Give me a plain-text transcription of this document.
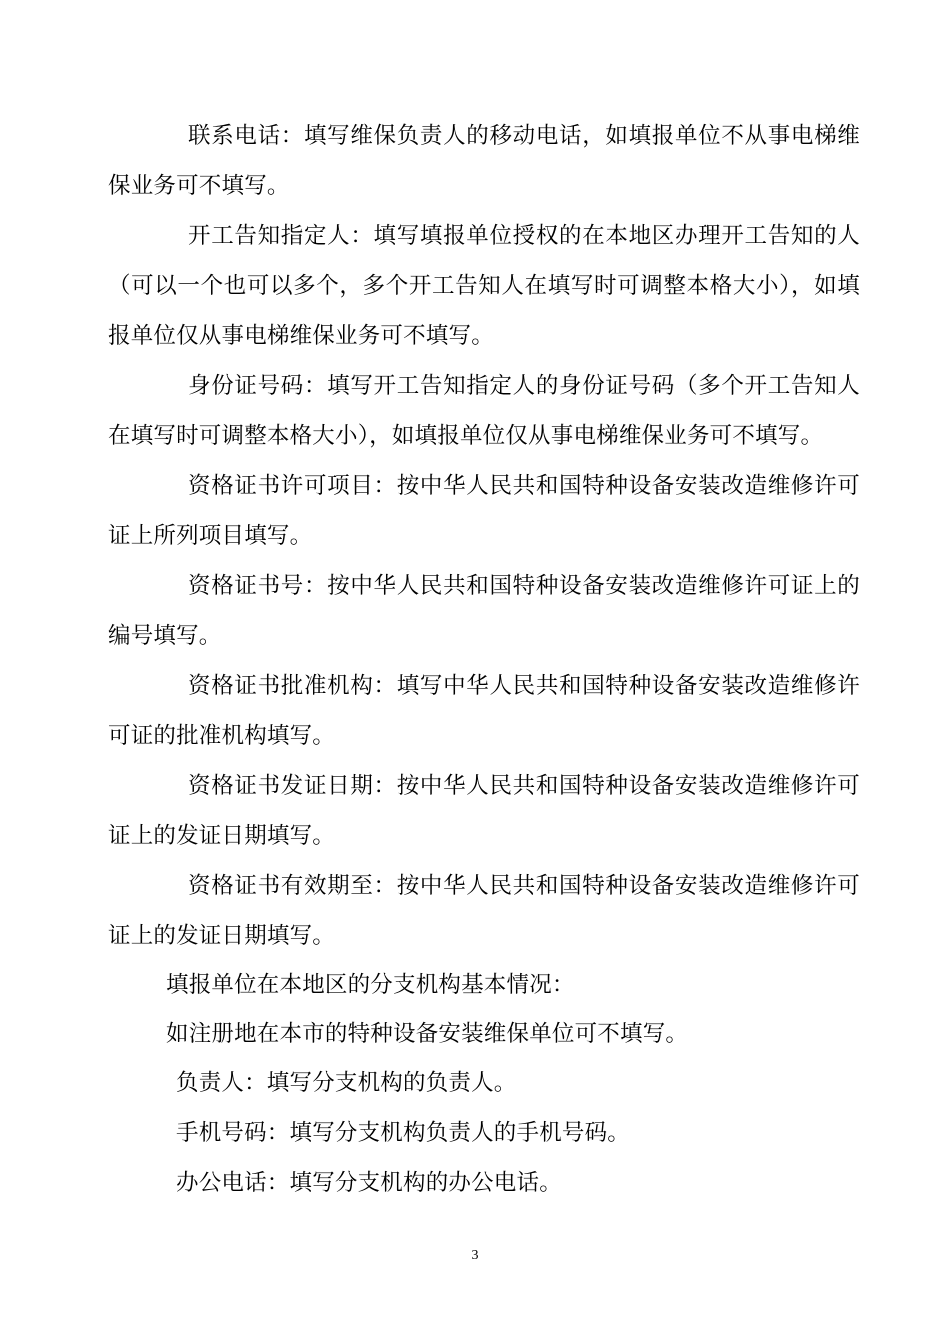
联系电话：填写维保负责人的移动电话，如填报单位不从事电梯维保业务可不填写。

开工告知指定人：填写填报单位授权的在本地区办理开工告知的人（可以一个也可以多个，多个开工告知人在填写时可调整本格大小），如填报单位仅从事电梯维保业务可不填写。

身份证号码：填写开工告知指定人的身份证号码（多个开工告知人在填写时可调整本格大小），如填报单位仅从事电梯维保业务可不填写。

资格证书许可项目：按中华人民共和国特种设备安装改造维修许可证上所列项目填写。

资格证书号：按中华人民共和国特种设备安装改造维修许可证上的编号填写。

资格证书批准机构：填写中华人民共和国特种设备安装改造维修许可证的批准机构填写。

资格证书发证日期：按中华人民共和国特种设备安装改造维修许可证上的发证日期填写。

资格证书有效期至：按中华人民共和国特种设备安装改造维修许可证上的发证日期填写。

填报单位在本地区的分支机构基本情况：

如注册地在本市的特种设备安装维保单位可不填写。

负责人：填写分支机构的负责人。

手机号码：填写分支机构负责人的手机号码。

办公电话：填写分支机构的办公电话。

3
